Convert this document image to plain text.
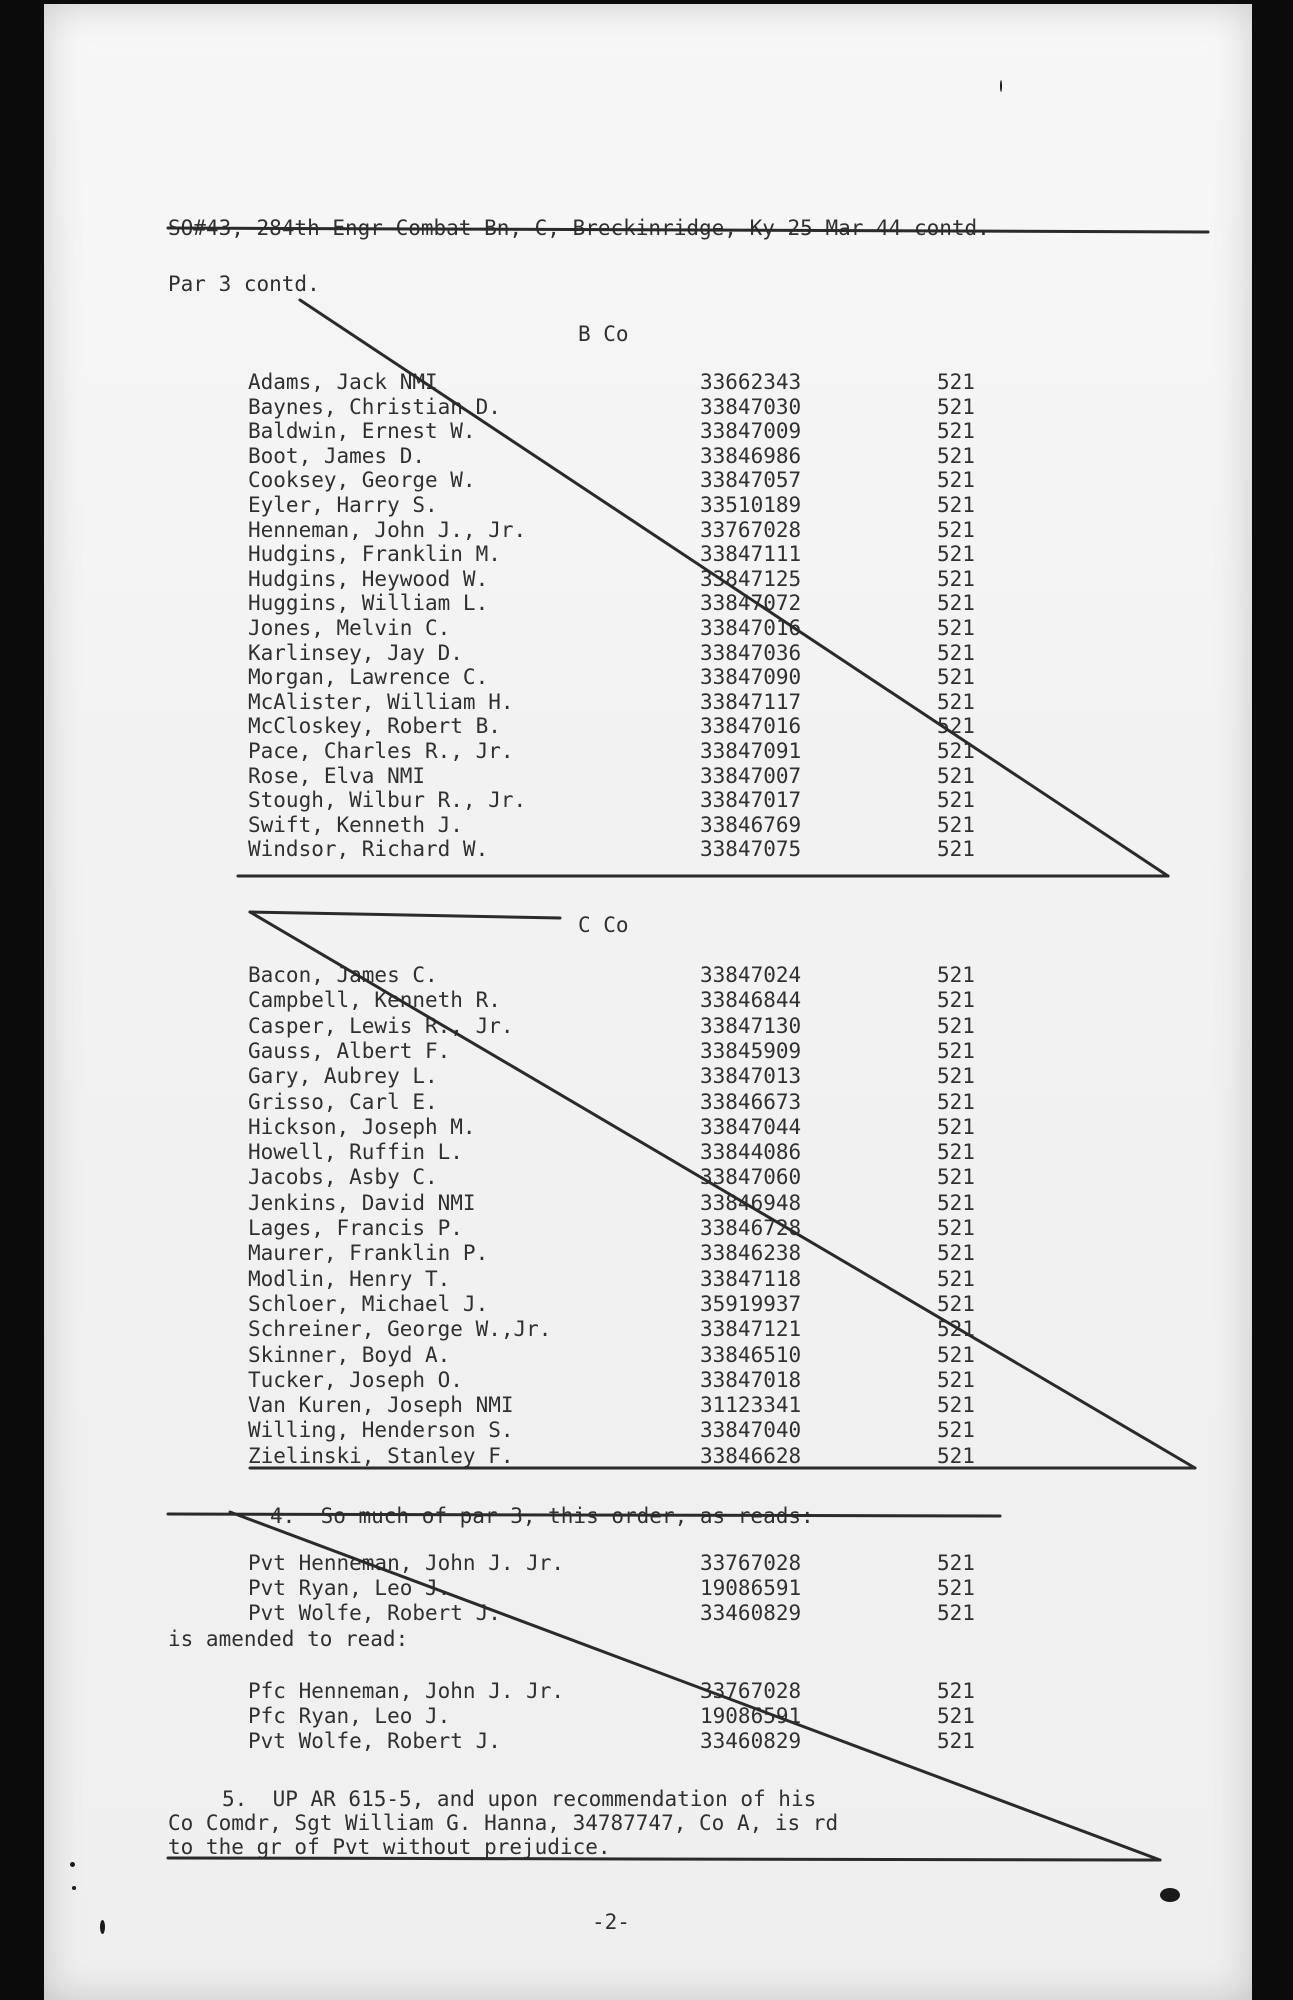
SO#43, 284th Engr Combat Bn, C, Breckinridge, Ky 25 Mar 44 contd.
Par 3 contd.
B Co
Adams, Jack NMI	33662343	521
Baynes, Christian D.	33847030	521
Baldwin, Ernest W.	33847009	521
Boot, James D.	33846986	521
Cooksey, George W.	33847057	521
Eyler, Harry S.	33510189	521
Henneman, John J., Jr.	33767028	521
Hudgins, Franklin M.	33847111	521
Hudgins, Heywood W.	33847125	521
Huggins, William L.	33847072	521
Jones, Melvin C.	33847016	521
Karlinsey, Jay D.	33847036	521
Morgan, Lawrence C.	33847090	521
McAlister, William H.	33847117	521
McCloskey, Robert B.	33847016	521
Pace, Charles R., Jr.	33847091	521
Rose, Elva NMI	33847007	521
Stough, Wilbur R., Jr.	33847017	521
Swift, Kenneth J.	33846769	521
Windsor, Richard W.	33847075	521
C Co
Bacon, James C.	33847024	521
Campbell, Kenneth R.	33846844	521
Casper, Lewis R., Jr.	33847130	521
Gauss, Albert F.	33845909	521
Gary, Aubrey L.	33847013	521
Grisso, Carl E.	33846673	521
Hickson, Joseph M.	33847044	521
Howell, Ruffin L.	33844086	521
Jacobs, Asby C.	33847060	521
Jenkins, David NMI	33846948	521
Lages, Francis P.	33846728	521
Maurer, Franklin P.	33846238	521
Modlin, Henry T.	33847118	521
Schloer, Michael J.	35919937	521
Schreiner, George W.,Jr.	33847121	521
Skinner, Boyd A.	33846510	521
Tucker, Joseph O.	33847018	521
Van Kuren, Joseph NMI	31123341	521
Willing, Henderson S.	33847040	521
Zielinski, Stanley F.	33846628	521
4.  So much of par 3, this order, as reads:
Pvt Henneman, John J. Jr.	33767028	521
Pvt Ryan, Leo J.	19086591	521
Pvt Wolfe, Robert J.	33460829	521
is amended to read:
Pfc Henneman, John J. Jr.	33767028	521
Pfc Ryan, Leo J.	19086591	521
Pvt Wolfe, Robert J.	33460829	521
5.  UP AR 615-5, and upon recommendation of his
Co Comdr, Sgt William G. Hanna, 34787747, Co A, is rd
to the gr of Pvt without prejudice.
-2-
